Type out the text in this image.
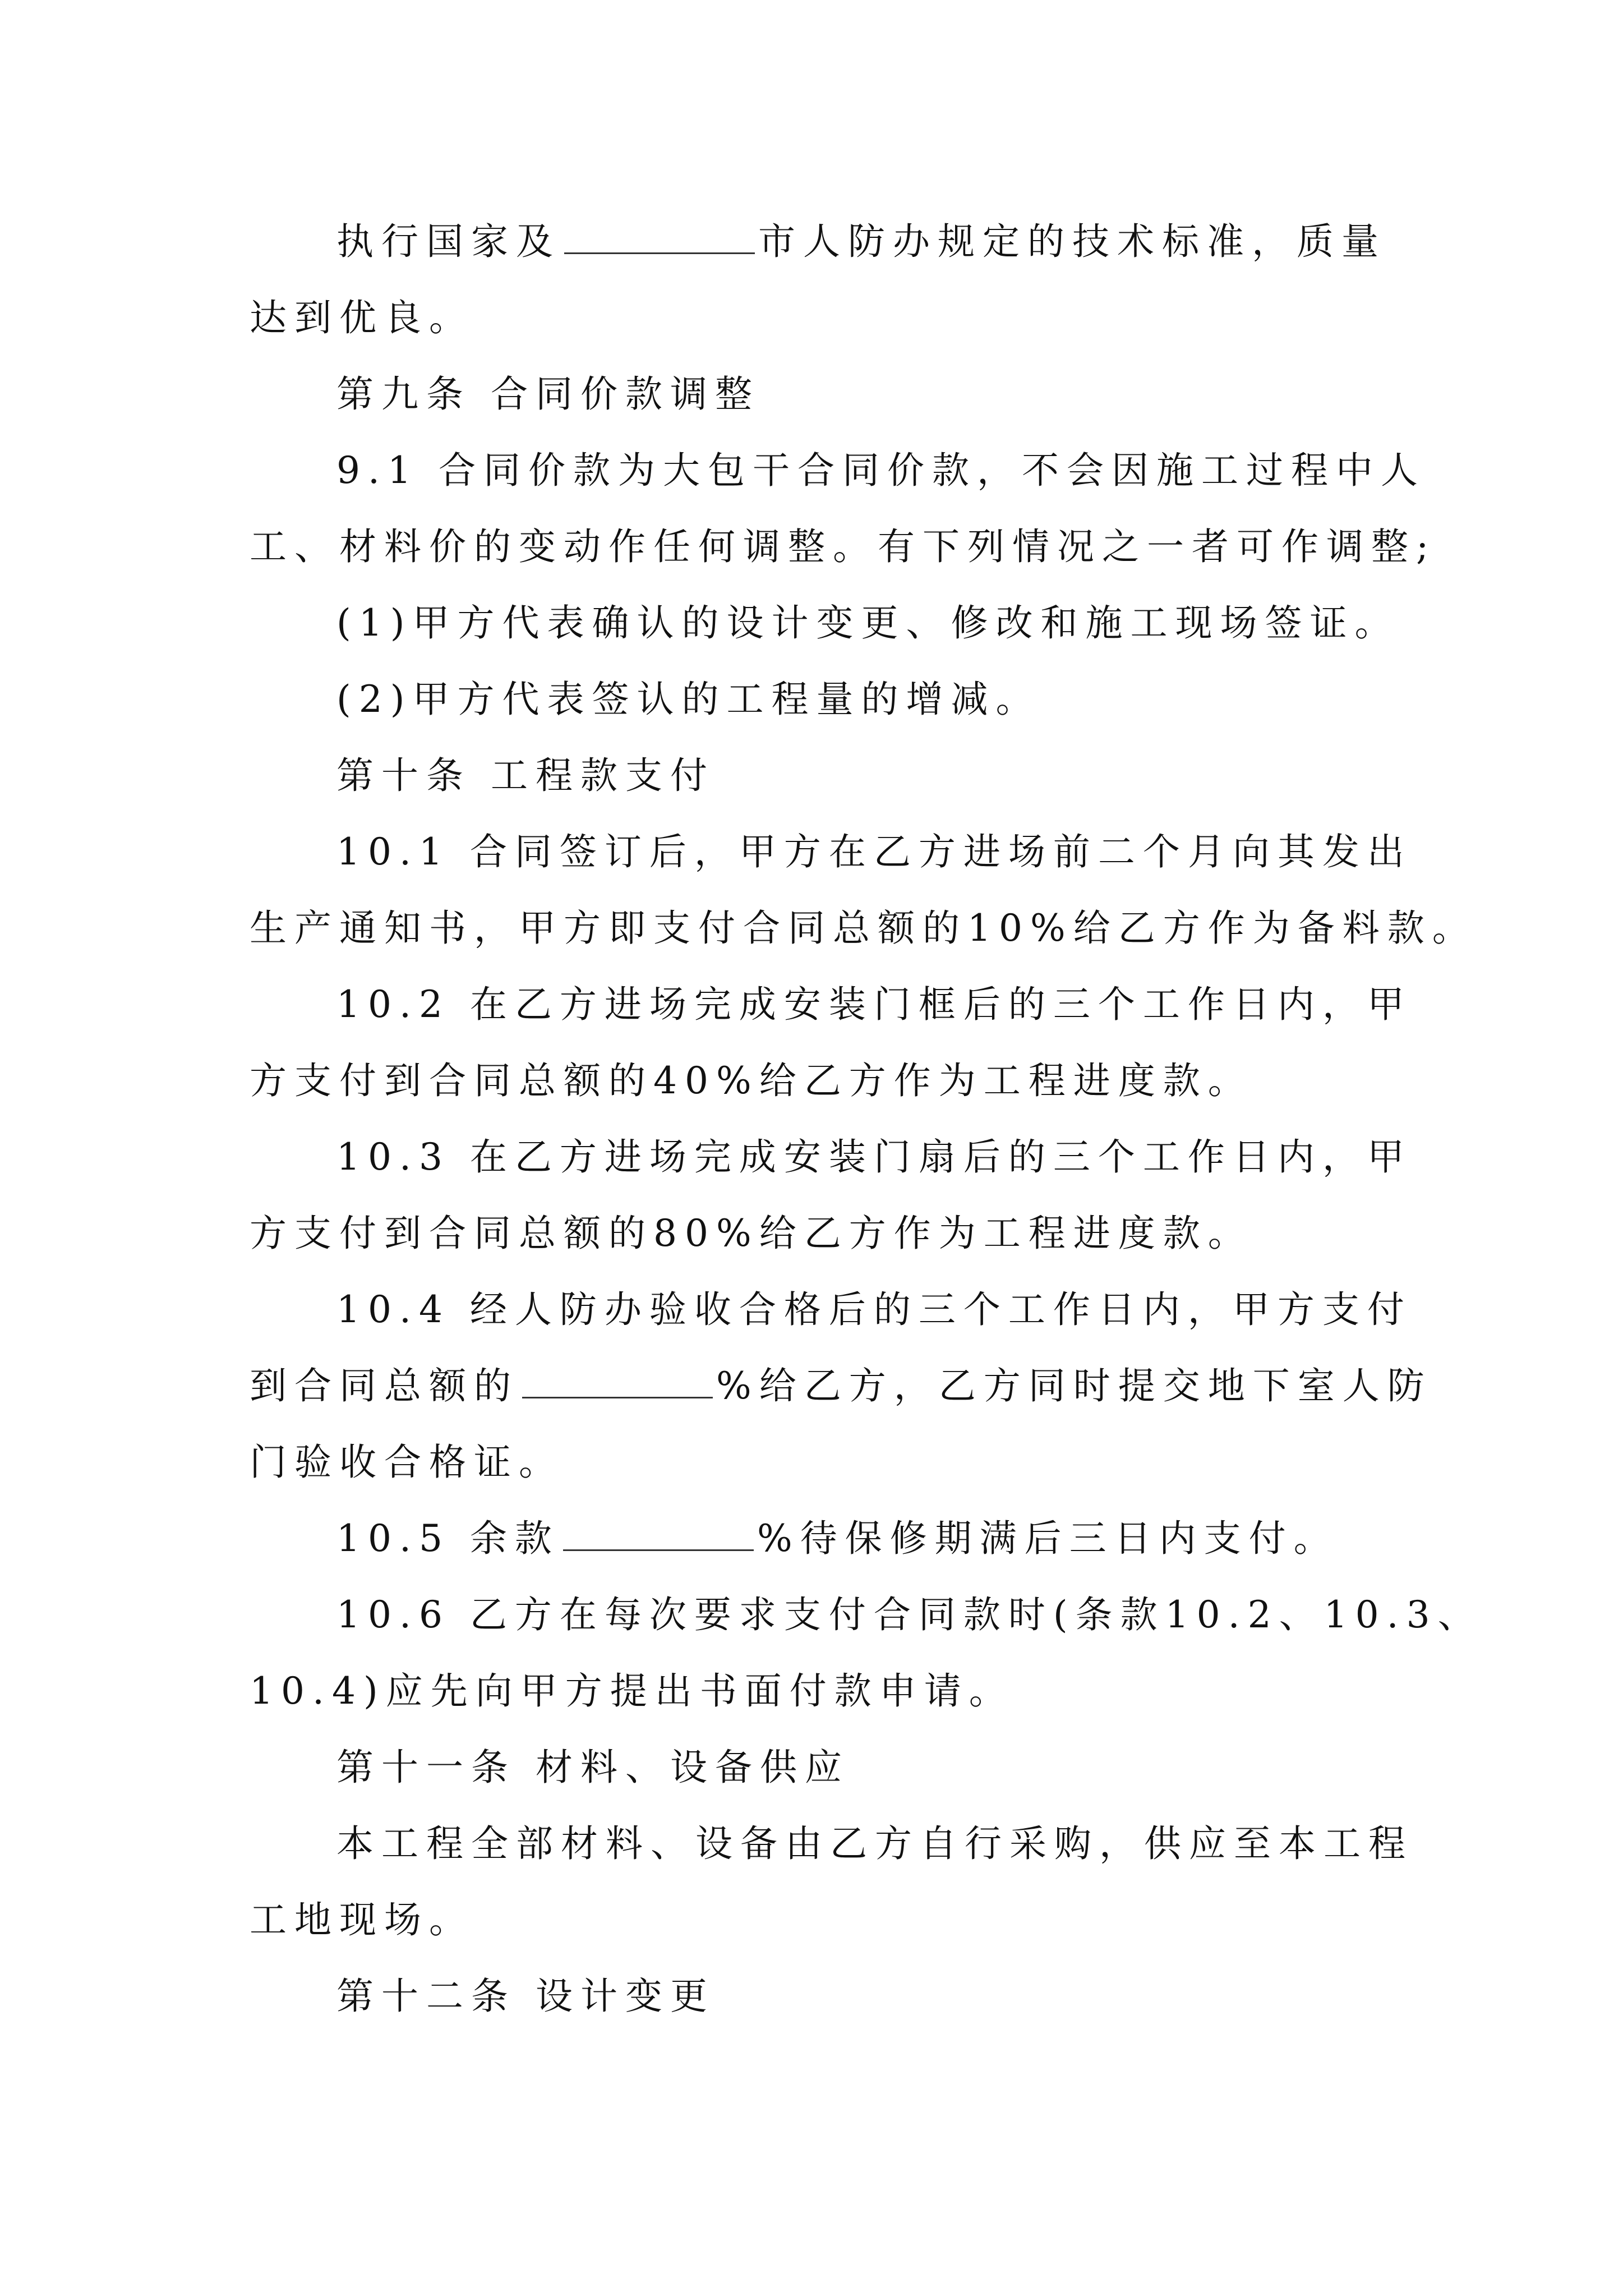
执行国家及	市人防办规定的技术标准，质量
达到优良。
第九条 合同价款调整
9.1 合同价款为大包干合同价款，不会因施工过程中人
工、材料价的变动作任何调整。有下列情况之一者可作调整;
(1)甲方代表确认的设计变更、修改和施工现场签证。
(2)甲方代表签认的工程量的增减。
第十条 工程款支付
10.1 合同签订后，甲方在乙方进场前二个月向其发出
生产通知书，甲方即支付合同总额的10%给乙方作为备料款。
10.2 在乙方进场完成安装门框后的三个工作日内，甲
方支付到合同总额的40%给乙方作为工程进度款。
10.3 在乙方进场完成安装门扇后的三个工作日内，甲
方支付到合同总额的80%给乙方作为工程进度款。
10.4 经人防办验收合格后的三个工作日内，甲方支付
到合同总额的	%给乙方，乙方同时提交地下室人防
门验收合格证。
10.5 余款	%待保修期满后三日内支付。
10.6 乙方在每次要求支付合同款时(条款10.2、10.3、
10.4)应先向甲方提出书面付款申请。
第十一条 材料、设备供应
本工程全部材料、设备由乙方自行采购，供应至本工程
工地现场。
第十二条 设计变更
